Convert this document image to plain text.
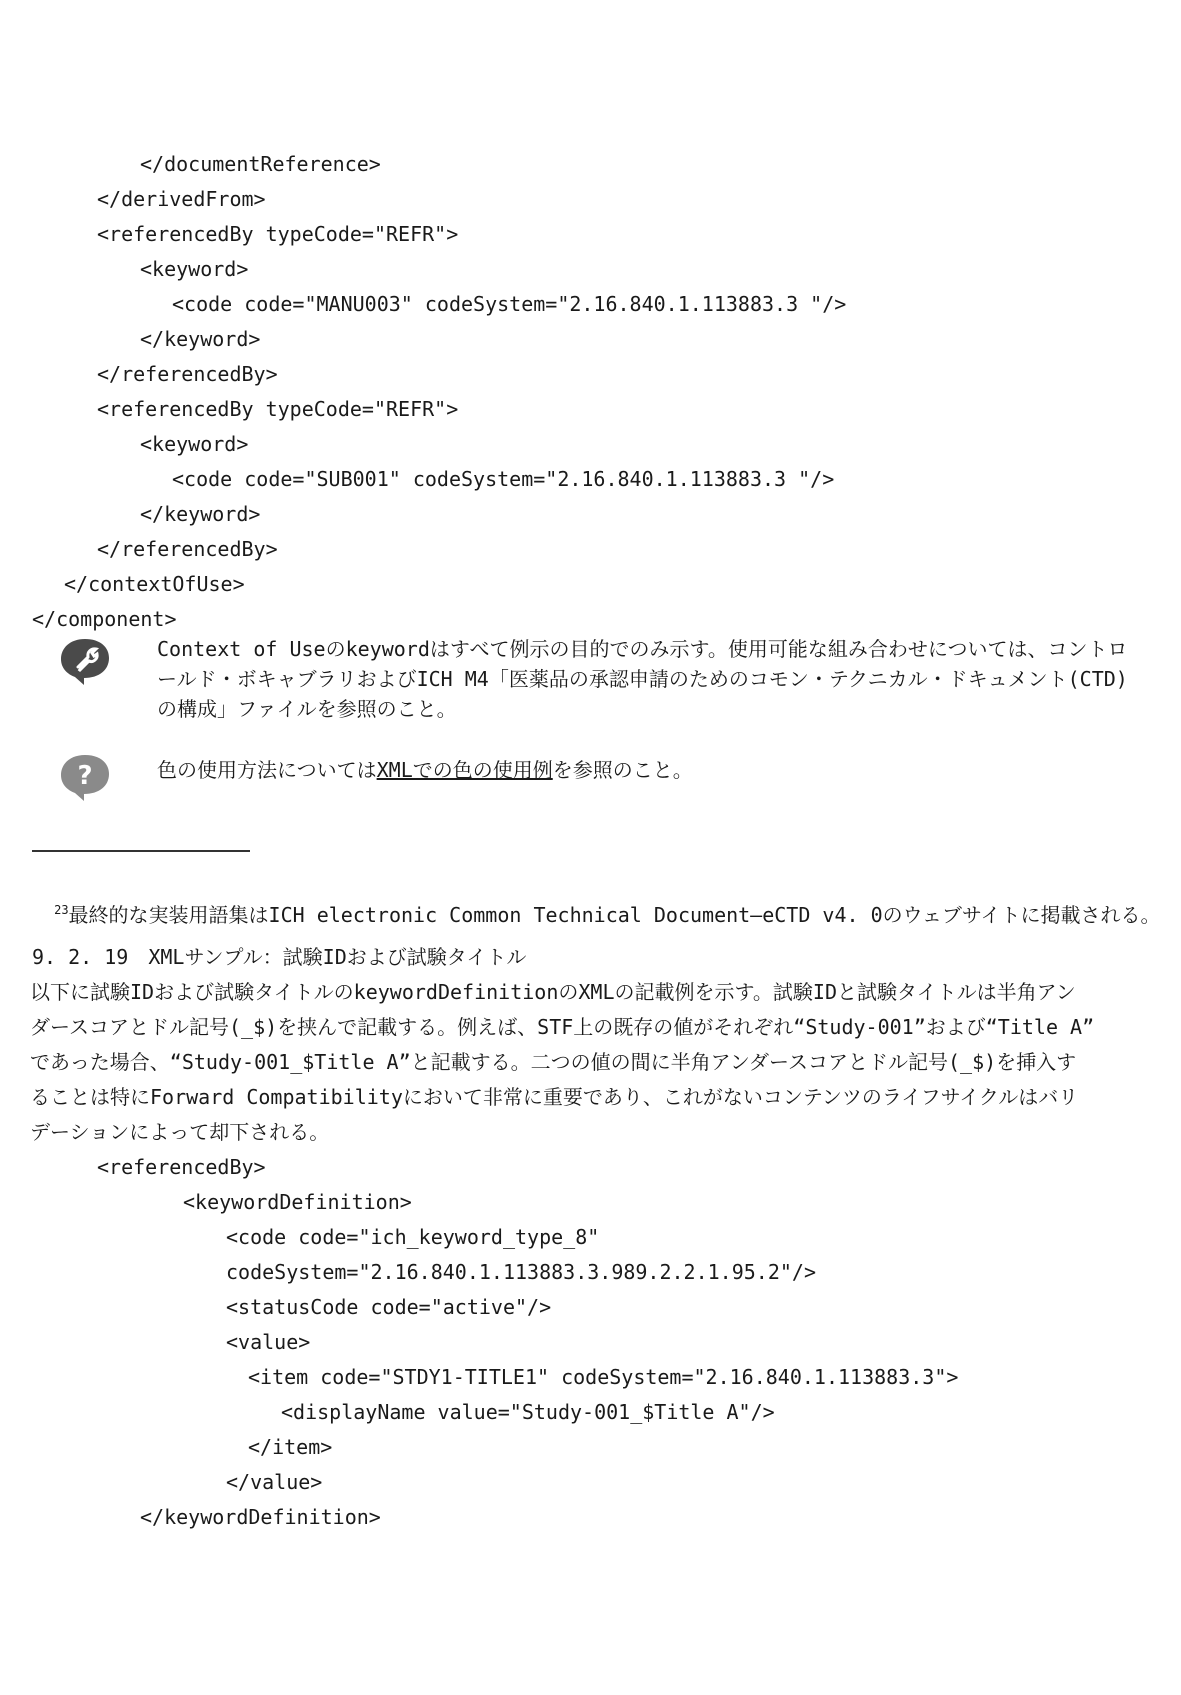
</documentReference>
</derivedFrom>
<referencedBy typeCode="REFR">
<keyword>
<code code="MANU003" codeSystem="2.16.840.1.113883.3 "/>
</keyword>
</referencedBy>
<referencedBy typeCode="REFR">
<keyword>
<code code="SUB001" codeSystem="2.16.840.1.113883.3 "/>
</keyword>
</referencedBy>
</contextOfUse>
</component>
Context of Useのkeywordはすべて例示の目的でのみ示す。使用可能な組み合わせについては、コントロールド・ボキャブラリおよびICH M4「医薬品の承認申請のためのコモン・テクニカル・ドキュメント(CTD)の構成」ファイルを参照のこと。
?	色の使用方法についてはXMLでの色の使用例を参照のこと。

$^{23}$最終的な実装用語集はICH electronic Common Technical Document—eCTD v4. 0のウェブサイトに掲載される。

9. 2. 19　XMLサンプル：試験IDおよび試験タイトル
以下に試験IDおよび試験タイトルのkeywordDefinitionのXMLの記載例を示す。試験IDと試験タイトルは半角アン
ダースコアとドル記号(_$)を挟んで記載する。例えば、STF上の既存の値がそれぞれ“Study-001”および“Title A”
であった場合、“Study-001_$Title A”と記載する。二つの値の間に半角アンダースコアとドル記号(_$)を挿入す
ることは特にForward Compatibilityにおいて非常に重要であり、これがないコンテンツのライフサイクルはバリ
デーションによって却下される。
<referencedBy>
<keywordDefinition>
<code code="ich_keyword_type_8"
codeSystem="2.16.840.1.113883.3.989.2.2.1.95.2"/>
<statusCode code="active"/>
<value>
<item code="STDY1-TITLE1" codeSystem="2.16.840.1.113883.3">
<displayName value="Study-001_$Title A"/>
</item>
</value>
</keywordDefinition>
